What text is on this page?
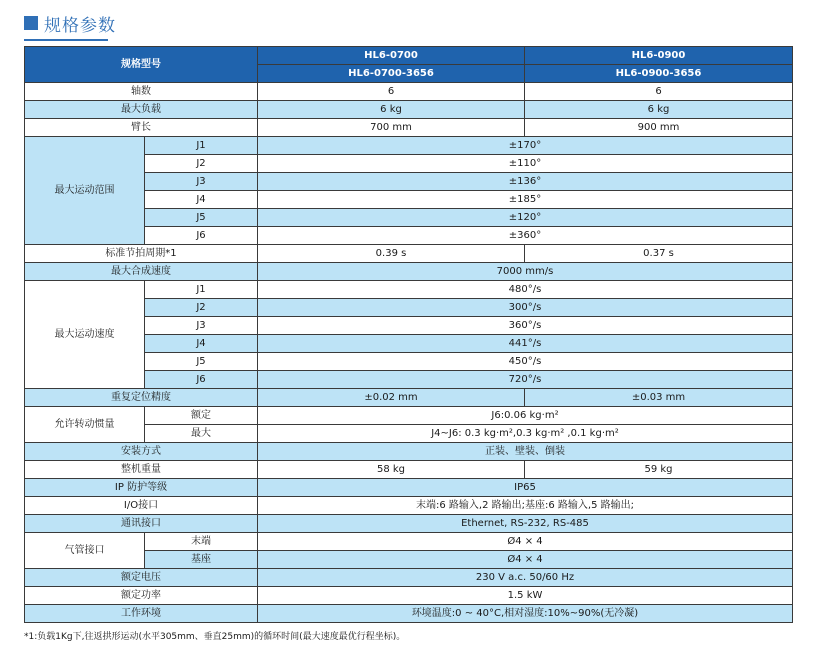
规格参数
规格型号		HL6-0700	HL6-0900
		HL6-0700-3656	HL6-0900-3656
轴数		6	6
最大负载		6 kg	6 kg
臂长		700 mm	900 mm
最大运动范围	J1	±170°	
	J2	±110°	
	J3	±136°	
	J4	±185°	
	J5	±120°	
	J6	±360°	
标准节拍周期*1		0.39 s	0.37 s
最大合成速度		7000 mm/s	
最大运动速度	J1	480°/s	
	J2	300°/s	
	J3	360°/s	
	J4	441°/s	
	J5	450°/s	
	J6	720°/s	
重复定位精度		±0.02 mm	±0.03 mm
允许转动惯量	额定	J6:0.06 kg·m²	
	最大	J4~J6: 0.3 kg·m²,0.3 kg·m² ,0.1 kg·m²	
安装方式		正装、壁装、倒装	
整机重量		58 kg	59 kg
IP 防护等级		IP65	
I/O接口		末端:6 路输入,2 路输出;基座:6 路输入,5 路输出;	
通讯接口		Ethernet, RS-232, RS-485	
气管接口	末端	Ø4 × 4	
	基座	Ø4 × 4	
额定电压		230 V a.c. 50/60 Hz	
额定功率		1.5 kW	
工作环境		环境温度:0 ~ 40°C,相对湿度:10%~90%(无冷凝)	
*1:负载1Kg下,往返拱形运动(水平305mm、垂直25mm)的循环时间(最大速度最优行程坐标)。
